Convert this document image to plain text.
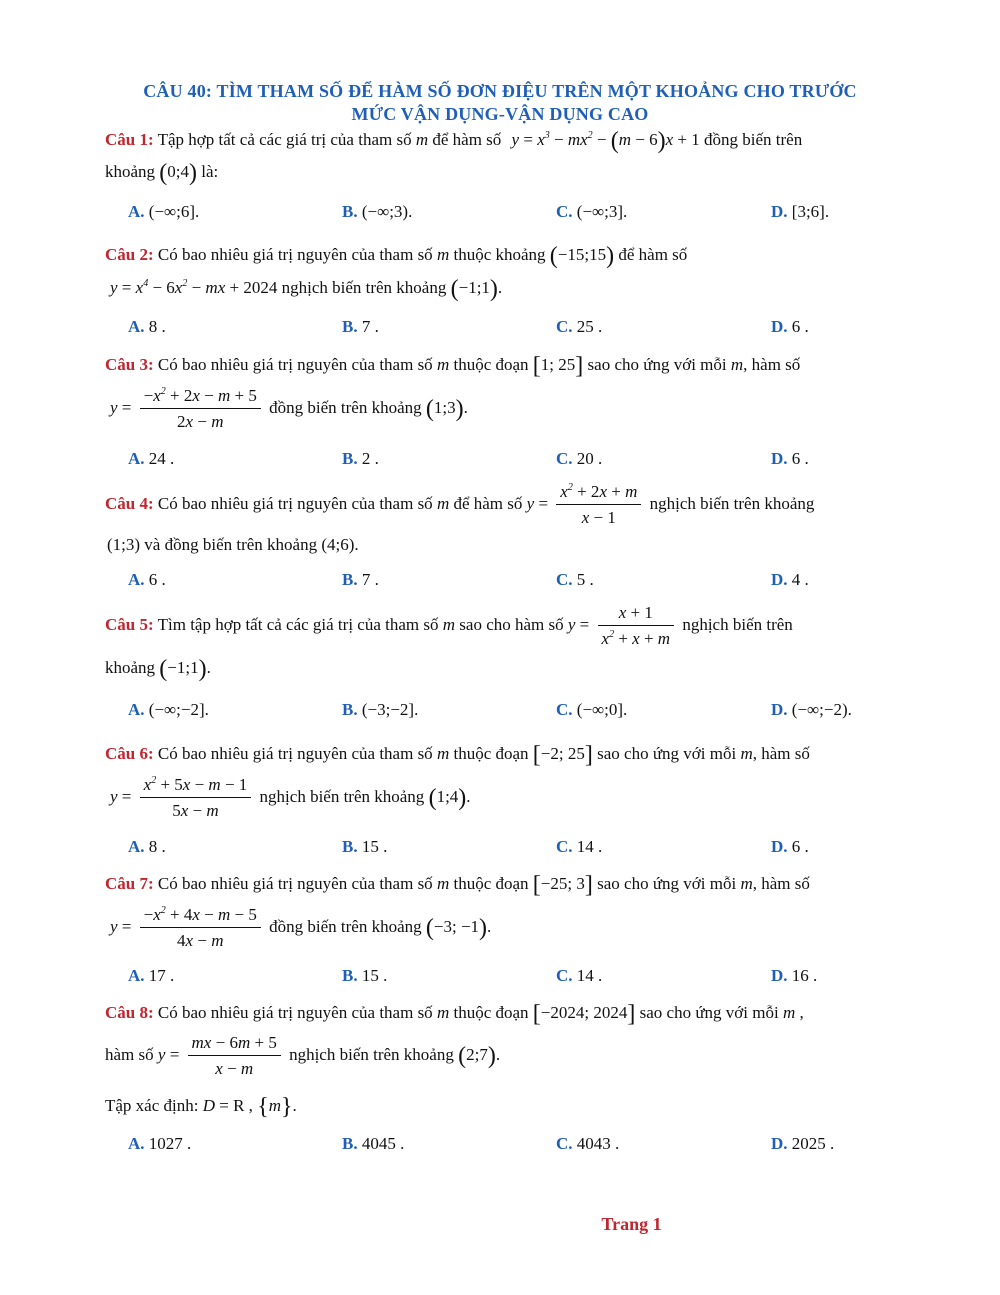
CÂU 40: TÌM THAM SỐ ĐỂ HÀM SỐ ĐƠN ĐIỆU TRÊN MỘT KHOẢNG CHO TRƯỚC
MỨC VẬN DỤNG-VẬN DỤNG CAO
Câu 1: Tập hợp tất cả các giá trị của tham số m để hàm số $y = x^3 - mx^2 - (m - 6)x + 1$ đồng biến trên
khoảng (0;4) là:
A. (−∞;6].	B. (−∞;3).	C. (−∞;3].	D. [3;6].
Câu 2: Có bao nhiêu giá trị nguyên của tham số m thuộc khoảng (−15;15) để hàm số
$y = x^4 - 6x^2$ − mx + 2024 nghịch biến trên khoảng (−1;1).
A. 8 .	B. 7 .	C. 25 .	D. 6 .
Câu 3: Có bao nhiêu giá trị nguyên của tham số m thuộc đoạn [1; 25] sao cho ứng với mỗi m, hàm số
$y = \frac{-x^2 + 2x - m + 5}{2x - m}$ đồng biến trên khoảng (1;3).
A. 24 .	B. 2 .	C. 20 .	D. 6 .
Câu 4: Có bao nhiêu giá trị nguyên của tham số m để hàm số $y = \frac{x^2 + 2x + m}{x - 1}$ nghịch biến trên khoảng
(1;3) và đồng biến trên khoảng (4;6).
A. 6 .	B. 7 .	C. 5 .	D. 4 .
Câu 5: Tìm tập hợp tất cả các giá trị của tham số m sao cho hàm số $y = \frac{x + 1}{x^2 + x + m}$ nghịch biến trên
khoảng (−1;1).
A. (−∞;−2].	B. (−3;−2].	C. (−∞;0].	D. (−∞;−2).
Câu 6: Có bao nhiêu giá trị nguyên của tham số m thuộc đoạn [−2; 25] sao cho ứng với mỗi m, hàm số
$y = \frac{x^2 + 5x - m - 1}{5x - m}$ nghịch biến trên khoảng (1;4).
A. 8 .	B. 15 .	C. 14 .	D. 6 .
Câu 7: Có bao nhiêu giá trị nguyên của tham số m thuộc đoạn [−25; 3] sao cho ứng với mỗi m, hàm số
$y = \frac{-x^2 + 4x - m - 5}{4x - m}$ đồng biến trên khoảng (−3; −1).
A. 17 .	B. 15 .	C. 14 .	D. 16 .
Câu 8: Có bao nhiêu giá trị nguyên của tham số m thuộc đoạn [−2024; 2024] sao cho ứng với mỗi m ,
hàm số $y = \frac{mx - 6m + 5}{x - m}$ nghịch biến trên khoảng (2;7).
Tập xác định: D = R , {m}.
A. 1027 .	B. 4045 .	C. 4043 .	D. 2025 .
Trang 1
